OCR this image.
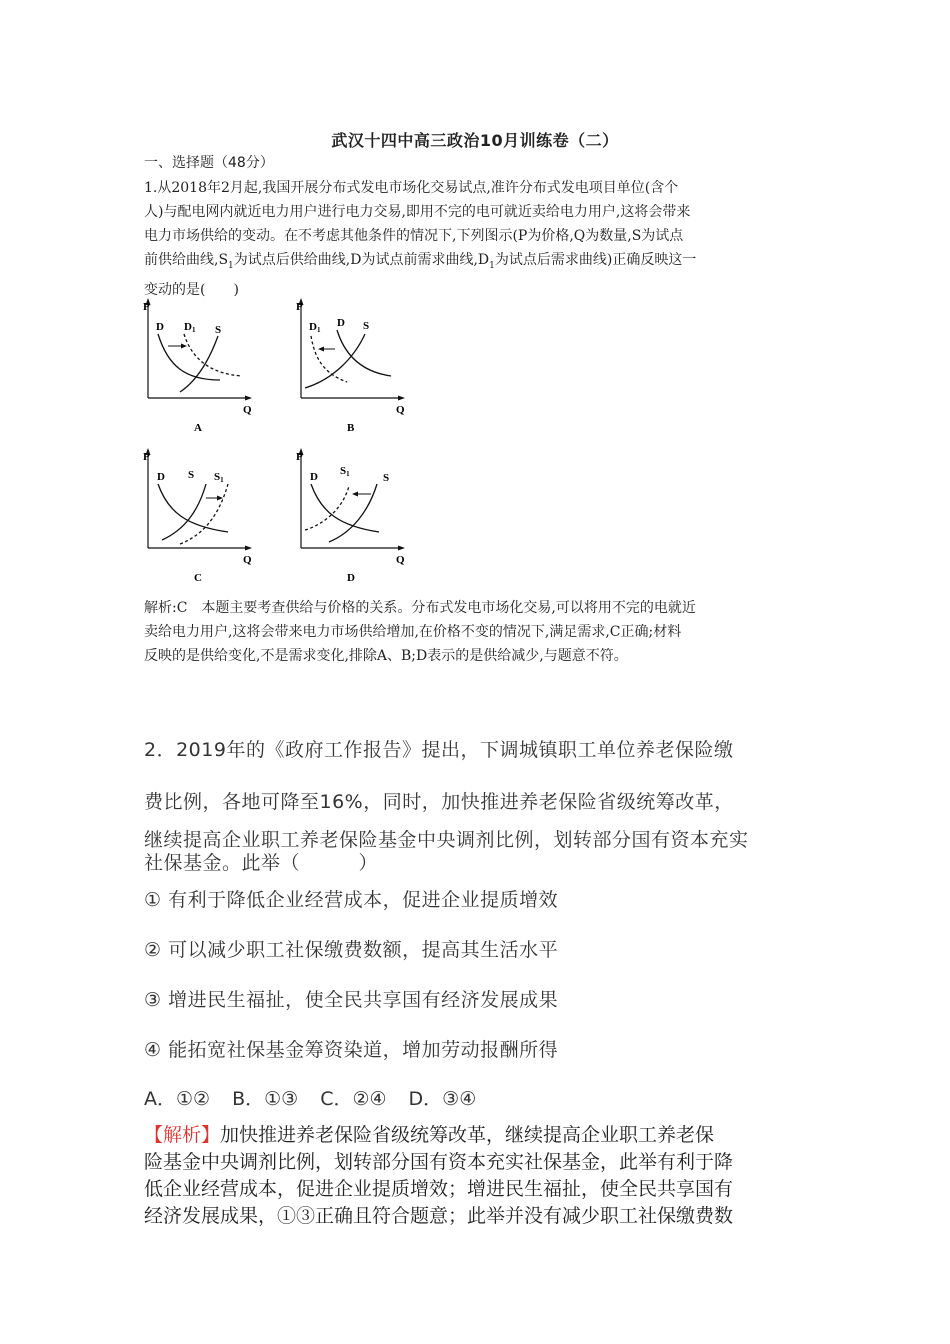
武汉十四中高三政治10月训练卷（二）
一、选择题（48分）
1.从2018年2月起,我国开展分布式发电市场化交易试点,准许分布式发电项目单位(含个
人)与配电网内就近电力用户进行电力交易,即用不完的电可就近卖给电力用户,这将会带来
电力市场供给的变动。在不考虑其他条件的情况下,下列图示(P为价格,Q为数量,S为试点
前供给曲线$,S_1$为试点后供给曲线,D为试点前需求曲线$,D_1$为试点后需求曲线)正确反映这一
变动的是(　　)
P
Q
D D1 S
A
P
Q
D1
D S
B
P
Q
D S S1
C
P
Q
D S1	S
D
解析:C　本题主要考查供给与价格的关系。分布式发电市场化交易,可以将用不完的电就近
卖给电力用户,这将会带来电力市场供给增加,在价格不变的情况下,满足需求,C正确;材料
反映的是供给变化,不是需求变化,排除A、B;D表示的是供给减少,与题意不符。
2．2019年的《政府工作报告》提出，下调城镇职工单位养老保险缴
费比例，各地可降至16%，同时，加快推进养老保险省级统筹改革，
继续提高企业职工养老保险基金中央调剂比例，划转部分国有资本充实
社保基金。此举（　　　）
① 有利于降低企业经营成本，促进企业提质增效
② 可以减少职工社保缴费数额，提高其生活水平
③ 增进民生福扯，使全民共享国有经济发展成果
④ 能拓宽社保基金筹资染道，增加劳动报酬所得
A．①② B．①③ C．②④ D．③④
【解析】加快推进养老保险省级统筹改革，继续提高企业职工养老保
险基金中央调剂比例，划转部分国有资本充实社保基金，此举有利于降
低企业经营成本，促进企业提质增效；增进民生福扯，使全民共享国有
经济发展成果，①③正确且符合题意；此举并没有减少职工社保缴费数
